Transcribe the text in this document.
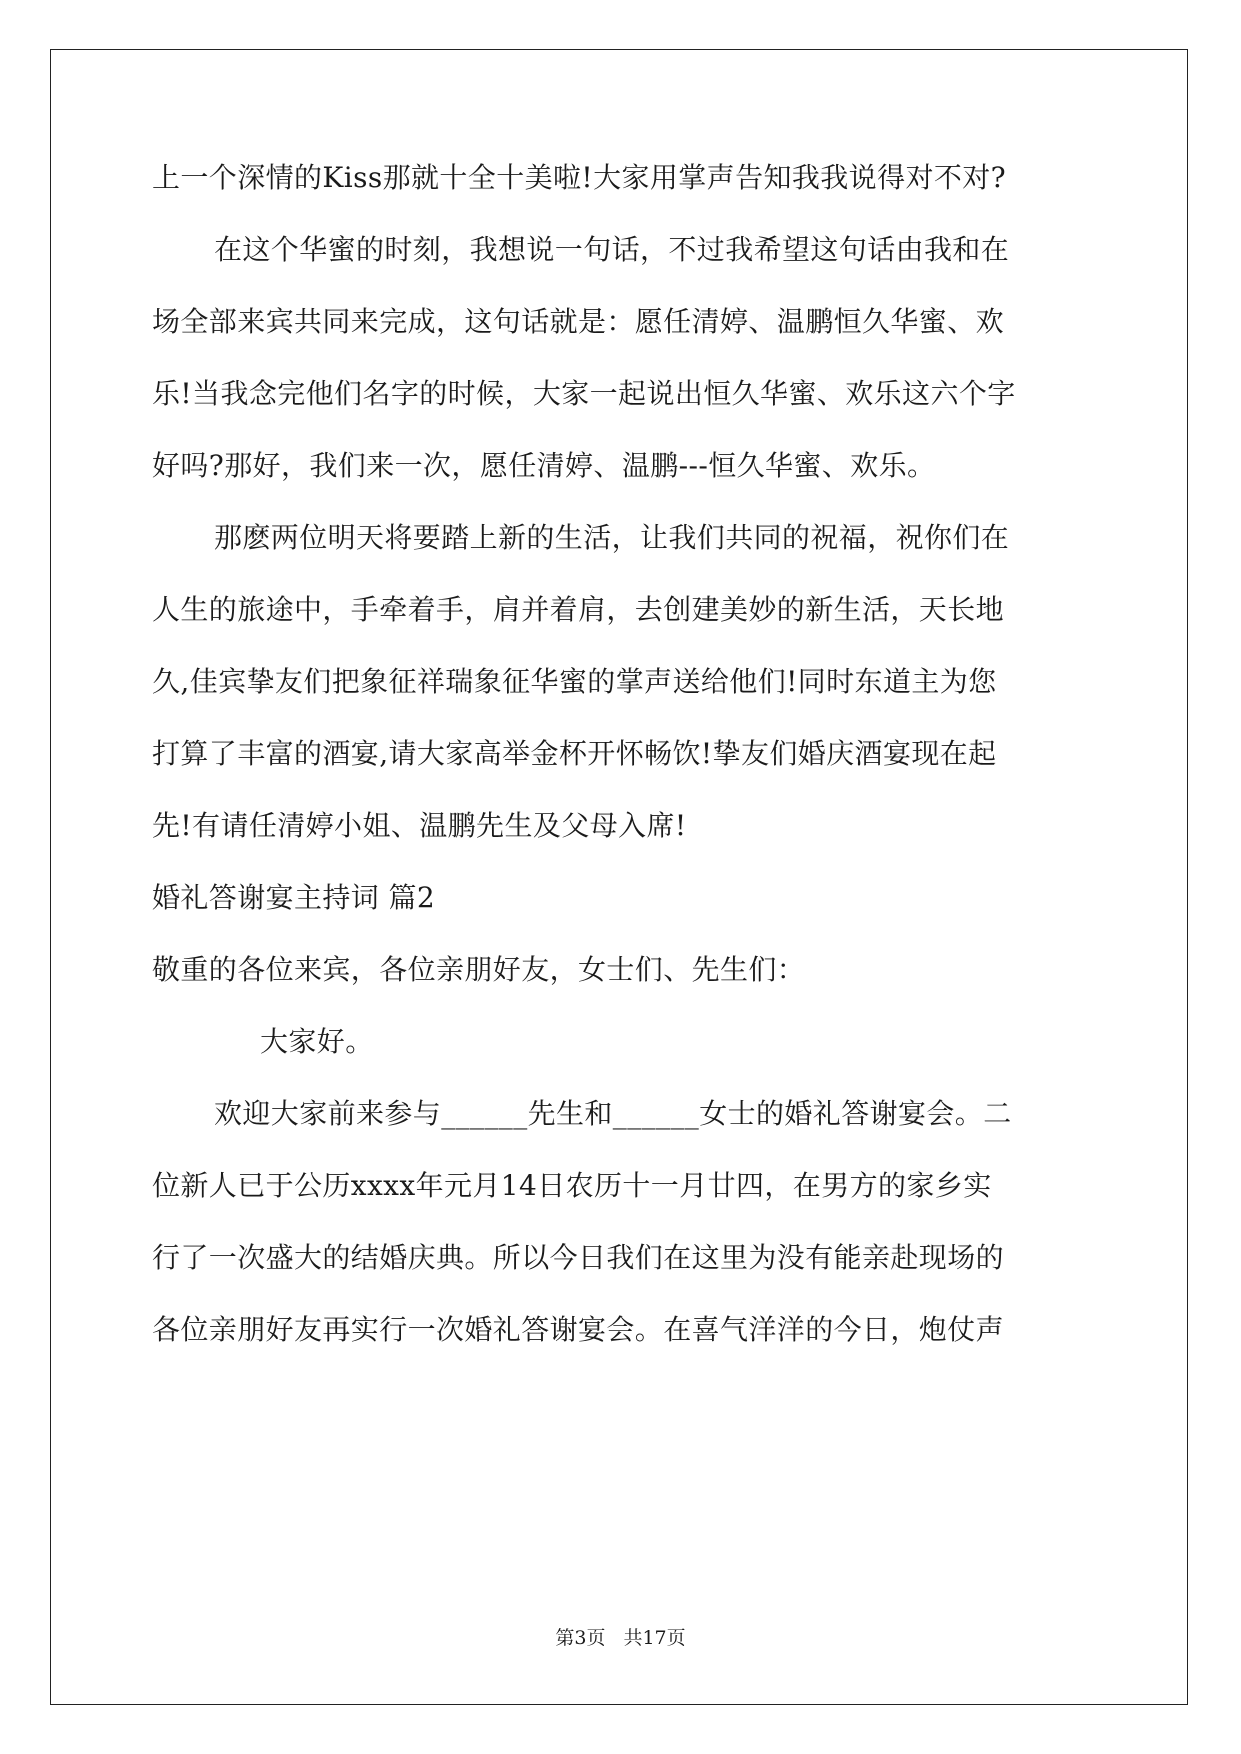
上一个深情的Kiss那就十全十美啦!大家用掌声告知我我说得对不对?
在这个华蜜的时刻，我想说一句话，不过我希望这句话由我和在
场全部来宾共同来完成，这句话就是：愿任清婷、温鹏恒久华蜜、欢
乐!当我念完他们名字的时候，大家一起说出恒久华蜜、欢乐这六个字
好吗?那好，我们来一次，愿任清婷、温鹏---恒久华蜜、欢乐。
那麽两位明天将要踏上新的生活，让我们共同的祝福，祝你们在
人生的旅途中，手牵着手，肩并着肩，去创建美妙的新生活，天长地
久,佳宾挚友们把象征祥瑞象征华蜜的掌声送给他们!同时东道主为您
打算了丰富的酒宴,请大家高举金杯开怀畅饮!挚友们婚庆酒宴现在起
先!有请任清婷小姐、温鹏先生及父母入席!
婚礼答谢宴主持词 篇2
敬重的各位来宾，各位亲朋好友，女士们、先生们：
大家好。
欢迎大家前来参与______先生和______女士的婚礼答谢宴会。二
位新人已于公历xxxx年元月14日农历十一月廿四，在男方的家乡实
行了一次盛大的结婚庆典。所以今日我们在这里为没有能亲赴现场的
各位亲朋好友再实行一次婚礼答谢宴会。在喜气洋洋的今日，炮仗声
第3页 共17页
